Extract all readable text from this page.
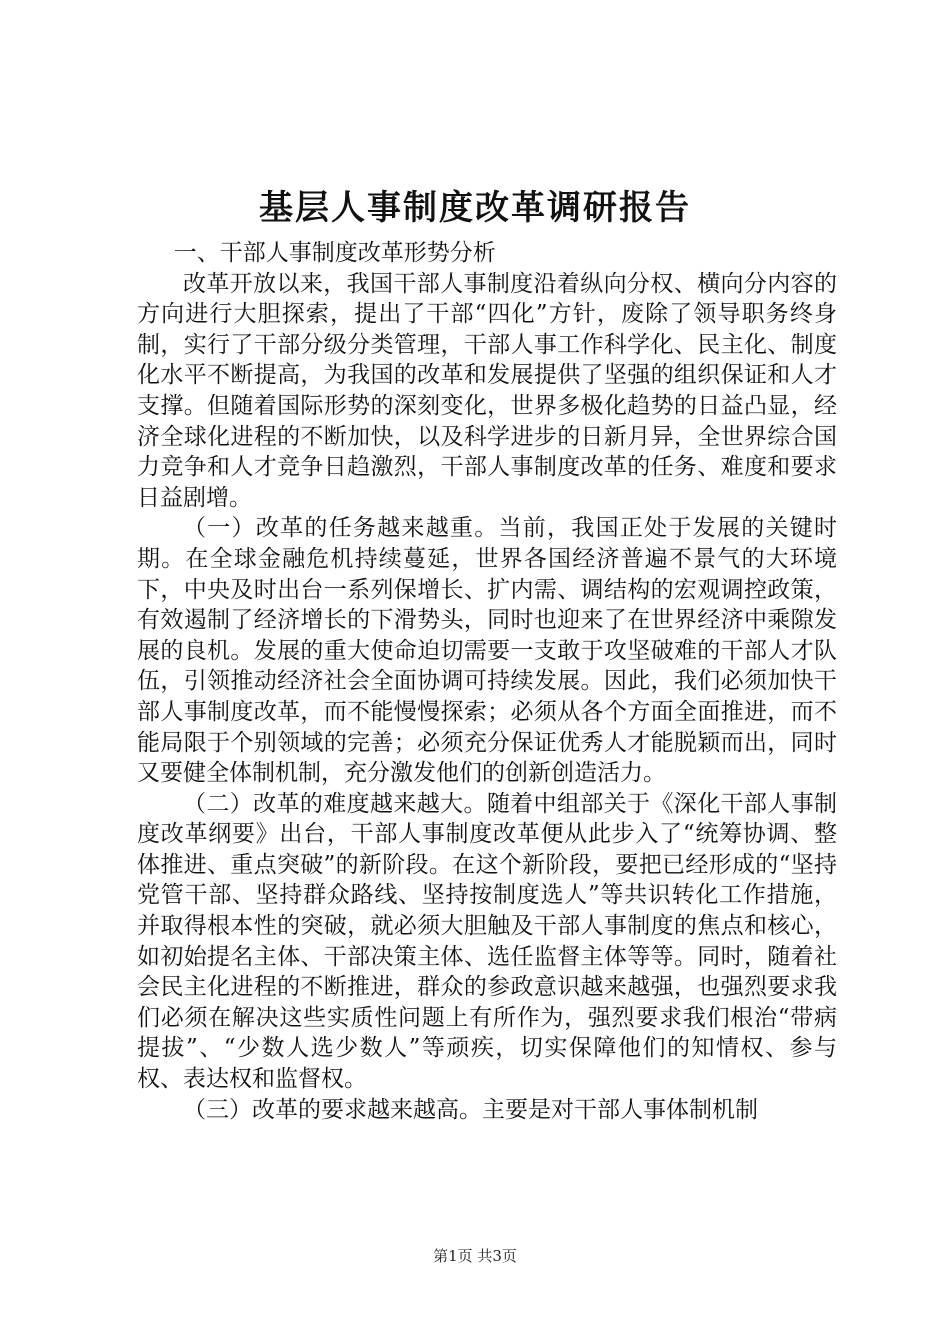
基层人事制度改革调研报告

一、干部人事制度改革形势分析

改革开放以来，我国干部人事制度沿着纵向分权、横向分内容的方向进行大胆探索，提出了干部“四化”方针，废除了领导职务终身制，实行了干部分级分类管理，干部人事工作科学化、民主化、制度化水平不断提高，为我国的改革和发展提供了坚强的组织保证和人才支撑。但随着国际形势的深刻变化，世界多极化趋势的日益凸显，经济全球化进程的不断加快，以及科学进步的日新月异，全世界综合国力竞争和人才竞争日趋激烈，干部人事制度改革的任务、难度和要求日益剧增。

（一）改革的任务越来越重。当前，我国正处于发展的关键时期。在全球金融危机持续蔓延，世界各国经济普遍不景气的大环境下，中央及时出台一系列保增长、扩内需、调结构的宏观调控政策，有效遏制了经济增长的下滑势头，同时也迎来了在世界经济中乘隙发展的良机。发展的重大使命迫切需要一支敢于攻坚破难的干部人才队伍，引领推动经济社会全面协调可持续发展。因此，我们必须加快干部人事制度改革，而不能慢慢探索；必须从各个方面全面推进，而不能局限于个别领域的完善；必须充分保证优秀人才能脱颖而出，同时又要健全体制机制，充分激发他们的创新创造活力。

（二）改革的难度越来越大。随着中组部关于《深化干部人事制度改革纲要》出台，干部人事制度改革便从此步入了“统筹协调、整体推进、重点突破”的新阶段。在这个新阶段，要把已经形成的“坚持党管干部、坚持群众路线、坚持按制度选人”等共识转化工作措施，并取得根本性的突破，就必须大胆触及干部人事制度的焦点和核心，如初始提名主体、干部决策主体、选任监督主体等等。同时，随着社会民主化进程的不断推进，群众的参政意识越来越强，也强烈要求我们必须在解决这些实质性问题上有所作为，强烈要求我们根治“带病提拔”、“少数人选少数人”等顽疾，切实保障他们的知情权、参与权、表达权和监督权。

（三）改革的要求越来越高。主要是对干部人事体制机制

第1页 共3页
